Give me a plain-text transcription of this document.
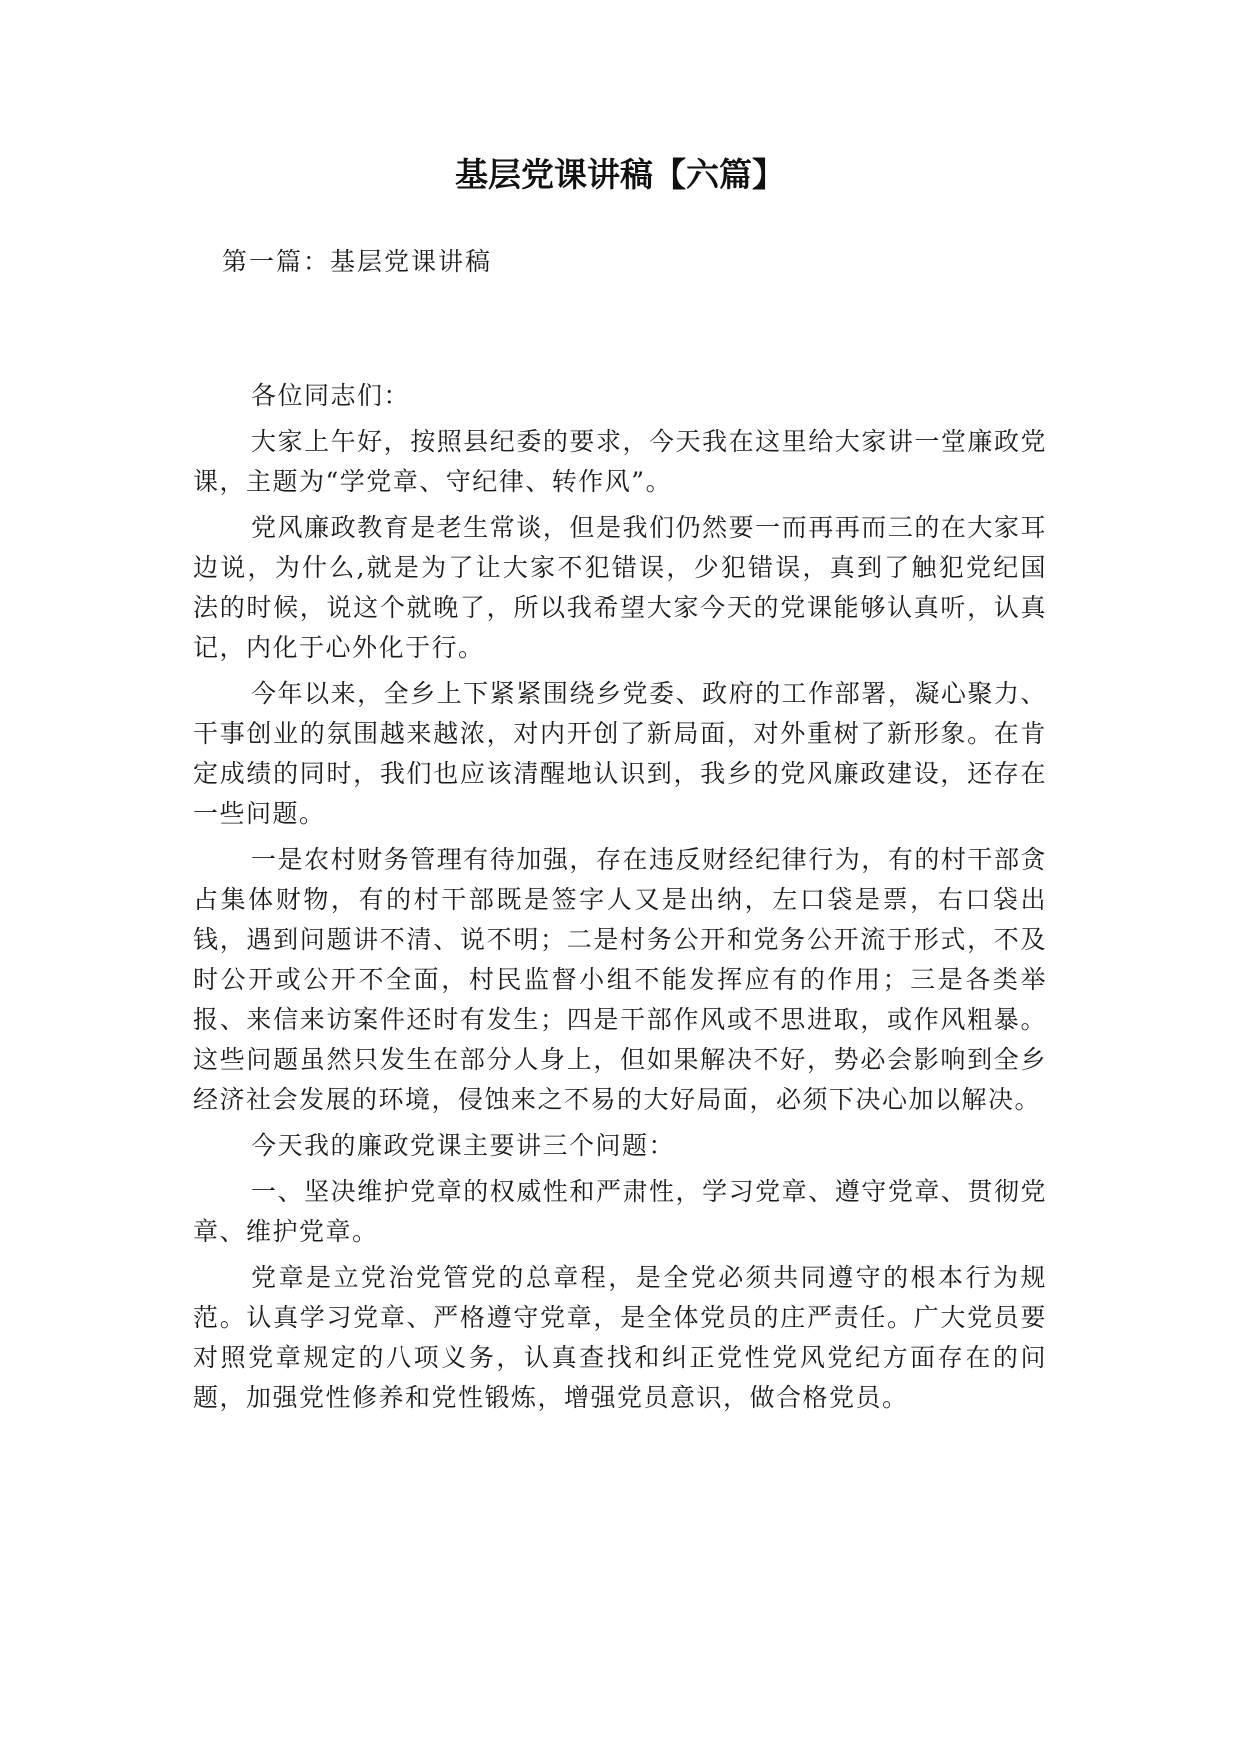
基层党课讲稿【六篇】
第一篇：基层党课讲稿

各位同志们：

大家上午好，按照县纪委的要求，今天我在这里给大家讲一堂廉政党课，主题为“学党章、守纪律、转作风”。

党风廉政教育是老生常谈，但是我们仍然要一而再再而三的在大家耳边说，为什么,就是为了让大家不犯错误，少犯错误，真到了触犯党纪国法的时候，说这个就晚了，所以我希望大家今天的党课能够认真听，认真记，内化于心外化于行。

今年以来，全乡上下紧紧围绕乡党委、政府的工作部署，凝心聚力、干事创业的氛围越来越浓，对内开创了新局面，对外重树了新形象。在肯定成绩的同时，我们也应该清醒地认识到，我乡的党风廉政建设，还存在一些问题。

一是农村财务管理有待加强，存在违反财经纪律行为，有的村干部贪占集体财物，有的村干部既是签字人又是出纳，左口袋是票，右口袋出钱，遇到问题讲不清、说不明；二是村务公开和党务公开流于形式，不及时公开或公开不全面，村民监督小组不能发挥应有的作用；三是各类举报、来信来访案件还时有发生；四是干部作风或不思进取，或作风粗暴。这些问题虽然只发生在部分人身上，但如果解决不好，势必会影响到全乡经济社会发展的环境，侵蚀来之不易的大好局面，必须下决心加以解决。

今天我的廉政党课主要讲三个问题：

一、坚决维护党章的权威性和严肃性，学习党章、遵守党章、贯彻党章、维护党章。

党章是立党治党管党的总章程，是全党必须共同遵守的根本行为规范。认真学习党章、严格遵守党章，是全体党员的庄严责任。广大党员要对照党章规定的八项义务，认真查找和纠正党性党风党纪方面存在的问题，加强党性修养和党性锻炼，增强党员意识，做合格党员。
